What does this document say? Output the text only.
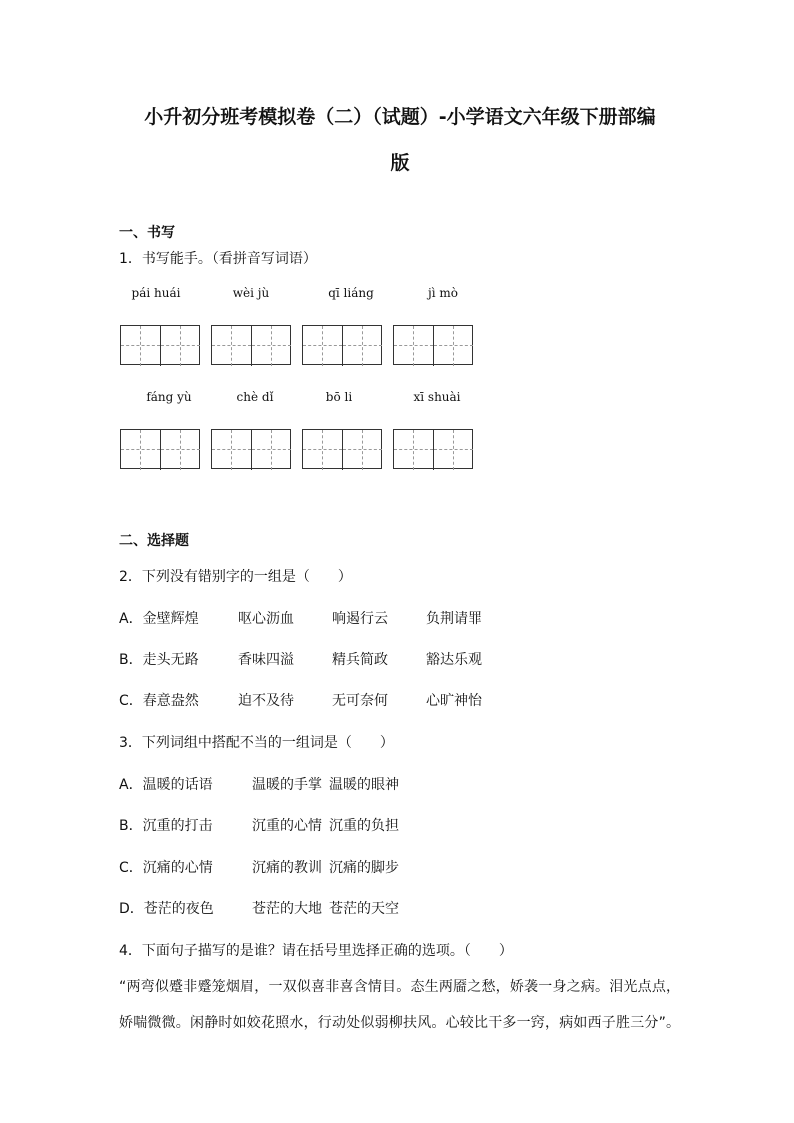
小升初分班考模拟卷（二）（试题）-小学语文六年级下册部编
版
一、书写
1．书写能手。（看拼音写词语）
pái huái	wèi jù	qī liáng	jì mò
fáng yù	chè dǐ	bō li	xī shuài
二、选择题
2．下列没有错别字的一组是（　　）
A．金壁辉煌	呕心沥血	响遏行云	负荆请罪
B．走头无路	香味四溢	精兵简政	豁达乐观
C．春意盎然	迫不及待	无可奈何	心旷神怡
3．下列词组中搭配不当的一组词是（　　）
A．温暖的话语	温暖的手掌 温暖的眼神
B．沉重的打击	沉重的心情 沉重的负担
C．沉痛的心情	沉痛的教训 沉痛的脚步
D．苍茫的夜色	苍茫的大地 苍茫的天空
4．下面句子描写的是谁？请在括号里选择正确的选项。（　　）
“两弯似蹙非蹙笼烟眉，一双似喜非喜含情目。态生两靥之愁，娇袭一身之病。泪光点点，
娇喘微微。闲静时如姣花照水，行动处似弱柳扶风。心较比干多一窍，病如西子胜三分”。
